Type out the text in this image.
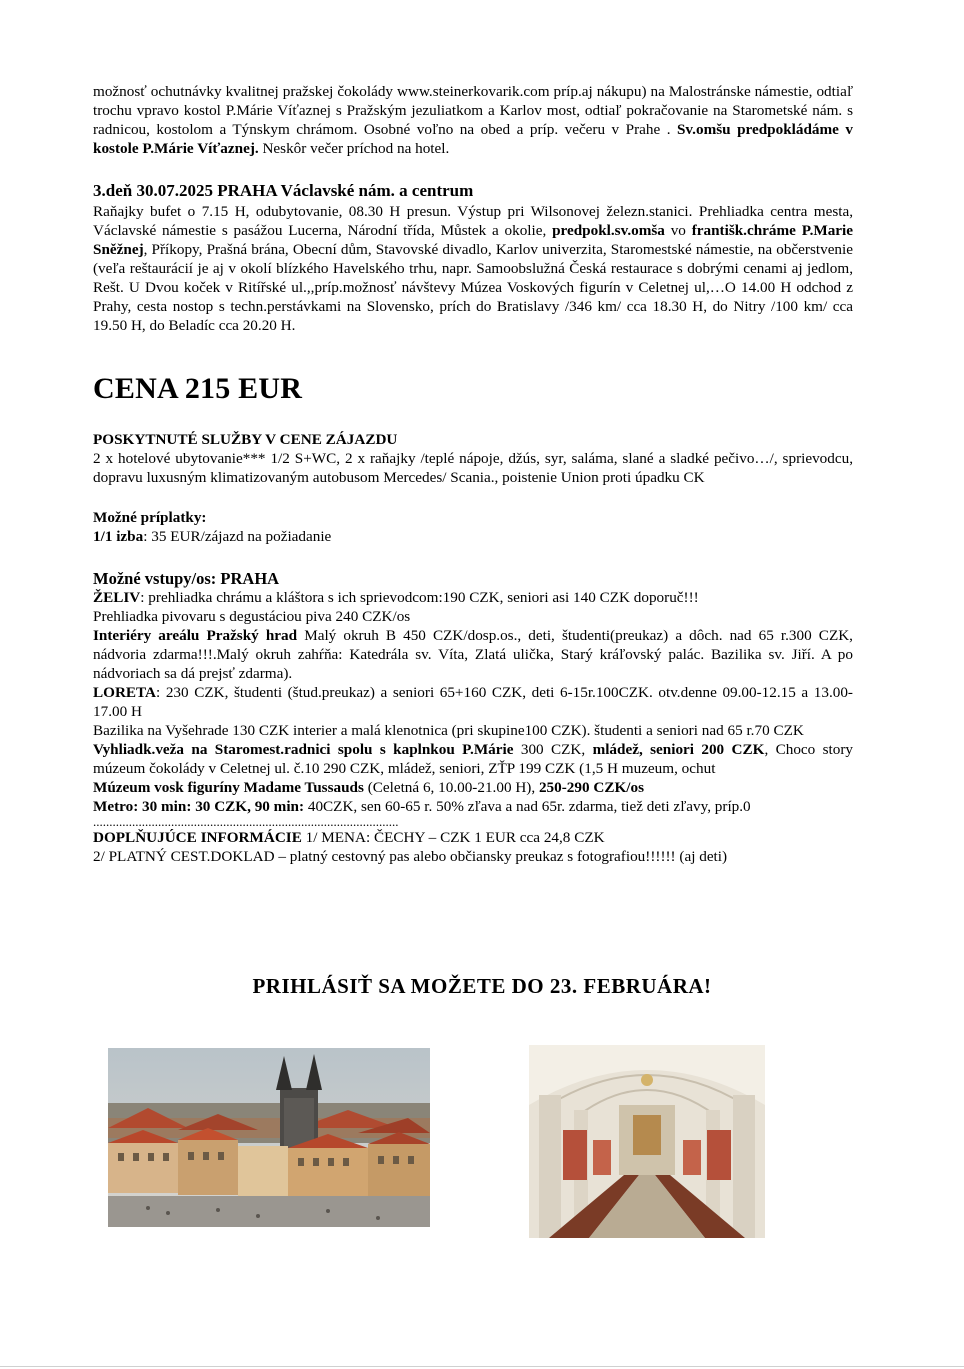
možnosť ochutnávky kvalitnej pražskej čokolády www.steinerkovarik.com príp.aj nákupu) na Malostránske námestie, odtiaľ trochu vpravo kostol P.Márie Víťaznej s Pražským jezuliatkom a Karlov most, odtiaľ pokračovanie na Starometské nám. s radnicou, kostolom a Týnskym chrámom. Osobné voľno na obed a príp. večeru v Prahe . Sv.omšu predpokládáme v kostole P.Márie Víťaznej. Neskôr večer príchod na hotel.

3.deň 30.07.2025 PRAHA Václavské nám. a centrum

Raňajky bufet o 7.15 H, odubytovanie, 08.30 H presun. Výstup pri Wilsonovej železn.stanici. Prehliadka centra mesta, Václavské námestie s pasážou Lucerna, Národní třída, Můstek a okolie, predpokl.sv.omša vo františk.chráme P.Marie Sněžnej, Příkopy, Prašná brána, Obecní dům, Stavovské divadlo, Karlov univerzita, Staromestské námestie, na občerstvenie (veľa reštaurácií je aj v okolí blízkého Havelského trhu, napr. Samoobslužná Česká restaurace s dobrými cenami aj jedlom, Rešt. U Dvou koček v Ritířské ul.,,príp.možnosť návštevy Múzea Voskových figurín v Celetnej ul,…O 14.00 H odchod z Prahy, cesta nostop s techn.perstávkami na Slovensko, prích do Bratislavy /346 km/ cca 18.30 H, do Nitry /100 km/ cca 19.50 H, do Beladíc cca 20.20 H.

CENA 215 EUR

POSKYTNUTÉ SLUŽBY V CENE ZÁJAZDU

2 x hotelové ubytovanie*** 1/2 S+WC, 2 x raňajky /teplé nápoje, džús, syr, saláma, slané a sladké pečivo…/, sprievodcu, dopravu luxusným klimatizovaným autobusom Mercedes/ Scania., poistenie Union proti úpadku CK

Možné príplatky:

1/1 izba: 35 EUR/zájazd na požiadanie

Možné vstupy/os: PRAHA

ŽELIV: prehliadka chrámu a kláštora s ich sprievodcom:190 CZK, seniori asi 140 CZK doporuč!!!

Prehliadka pivovaru s degustáciou piva 240 CZK/os

Interiéry areálu Pražský hrad Malý okruh B 450 CZK/dosp.os., deti, študenti(preukaz) a dôch. nad 65 r.300 CZK, nádvoria zdarma!!!.Malý okruh zahŕňa: Katedrála sv. Víta, Zlatá ulička, Starý kráľovský palác. Bazilika sv. Jiří. A po nádvoriach sa dá prejsť zdarma).

LORETA: 230 CZK, študenti (štud.preukaz) a seniori 65+160 CZK, deti 6-15r.100CZK. otv.denne 09.00-12.15 a 13.00-17.00 H

Bazilika na Vyšehrade 130 CZK interier a malá klenotnica (pri skupine100 CZK). študenti a seniori nad 65 r.70 CZK

Vyhliadk.veža na Staromest.radnici spolu s kaplnkou P.Márie 300 CZK, mládež, seniori 200 CZK, Choco story múzeum čokolády v Celetnej ul. č.10 290 CZK, mládež, seniori, ZŤP 199 CZK (1,5 H muzeum, ochut

Múzeum vosk figuríny Madame Tussauds (Celetná 6, 10.00-21.00 H), 250-290 CZK/os

Metro: 30 min: 30 CZK, 90 min: 40CZK, sen 60-65 r. 50% zľava a nad 65r. zdarma, tiež deti zľavy, príp.0

..............................................................................................

DOPLŇUJÚCE INFORMÁCIE 1/ MENA: ČECHY – CZK 1 EUR cca 24,8 CZK

2/ PLATNÝ CEST.DOKLAD – platný cestovný pas alebo občiansky preukaz s fotografiou!!!!!! (aj deti)

PRIHLÁSIŤ SA MOŽETE DO 23. FEBRUÁRA!
